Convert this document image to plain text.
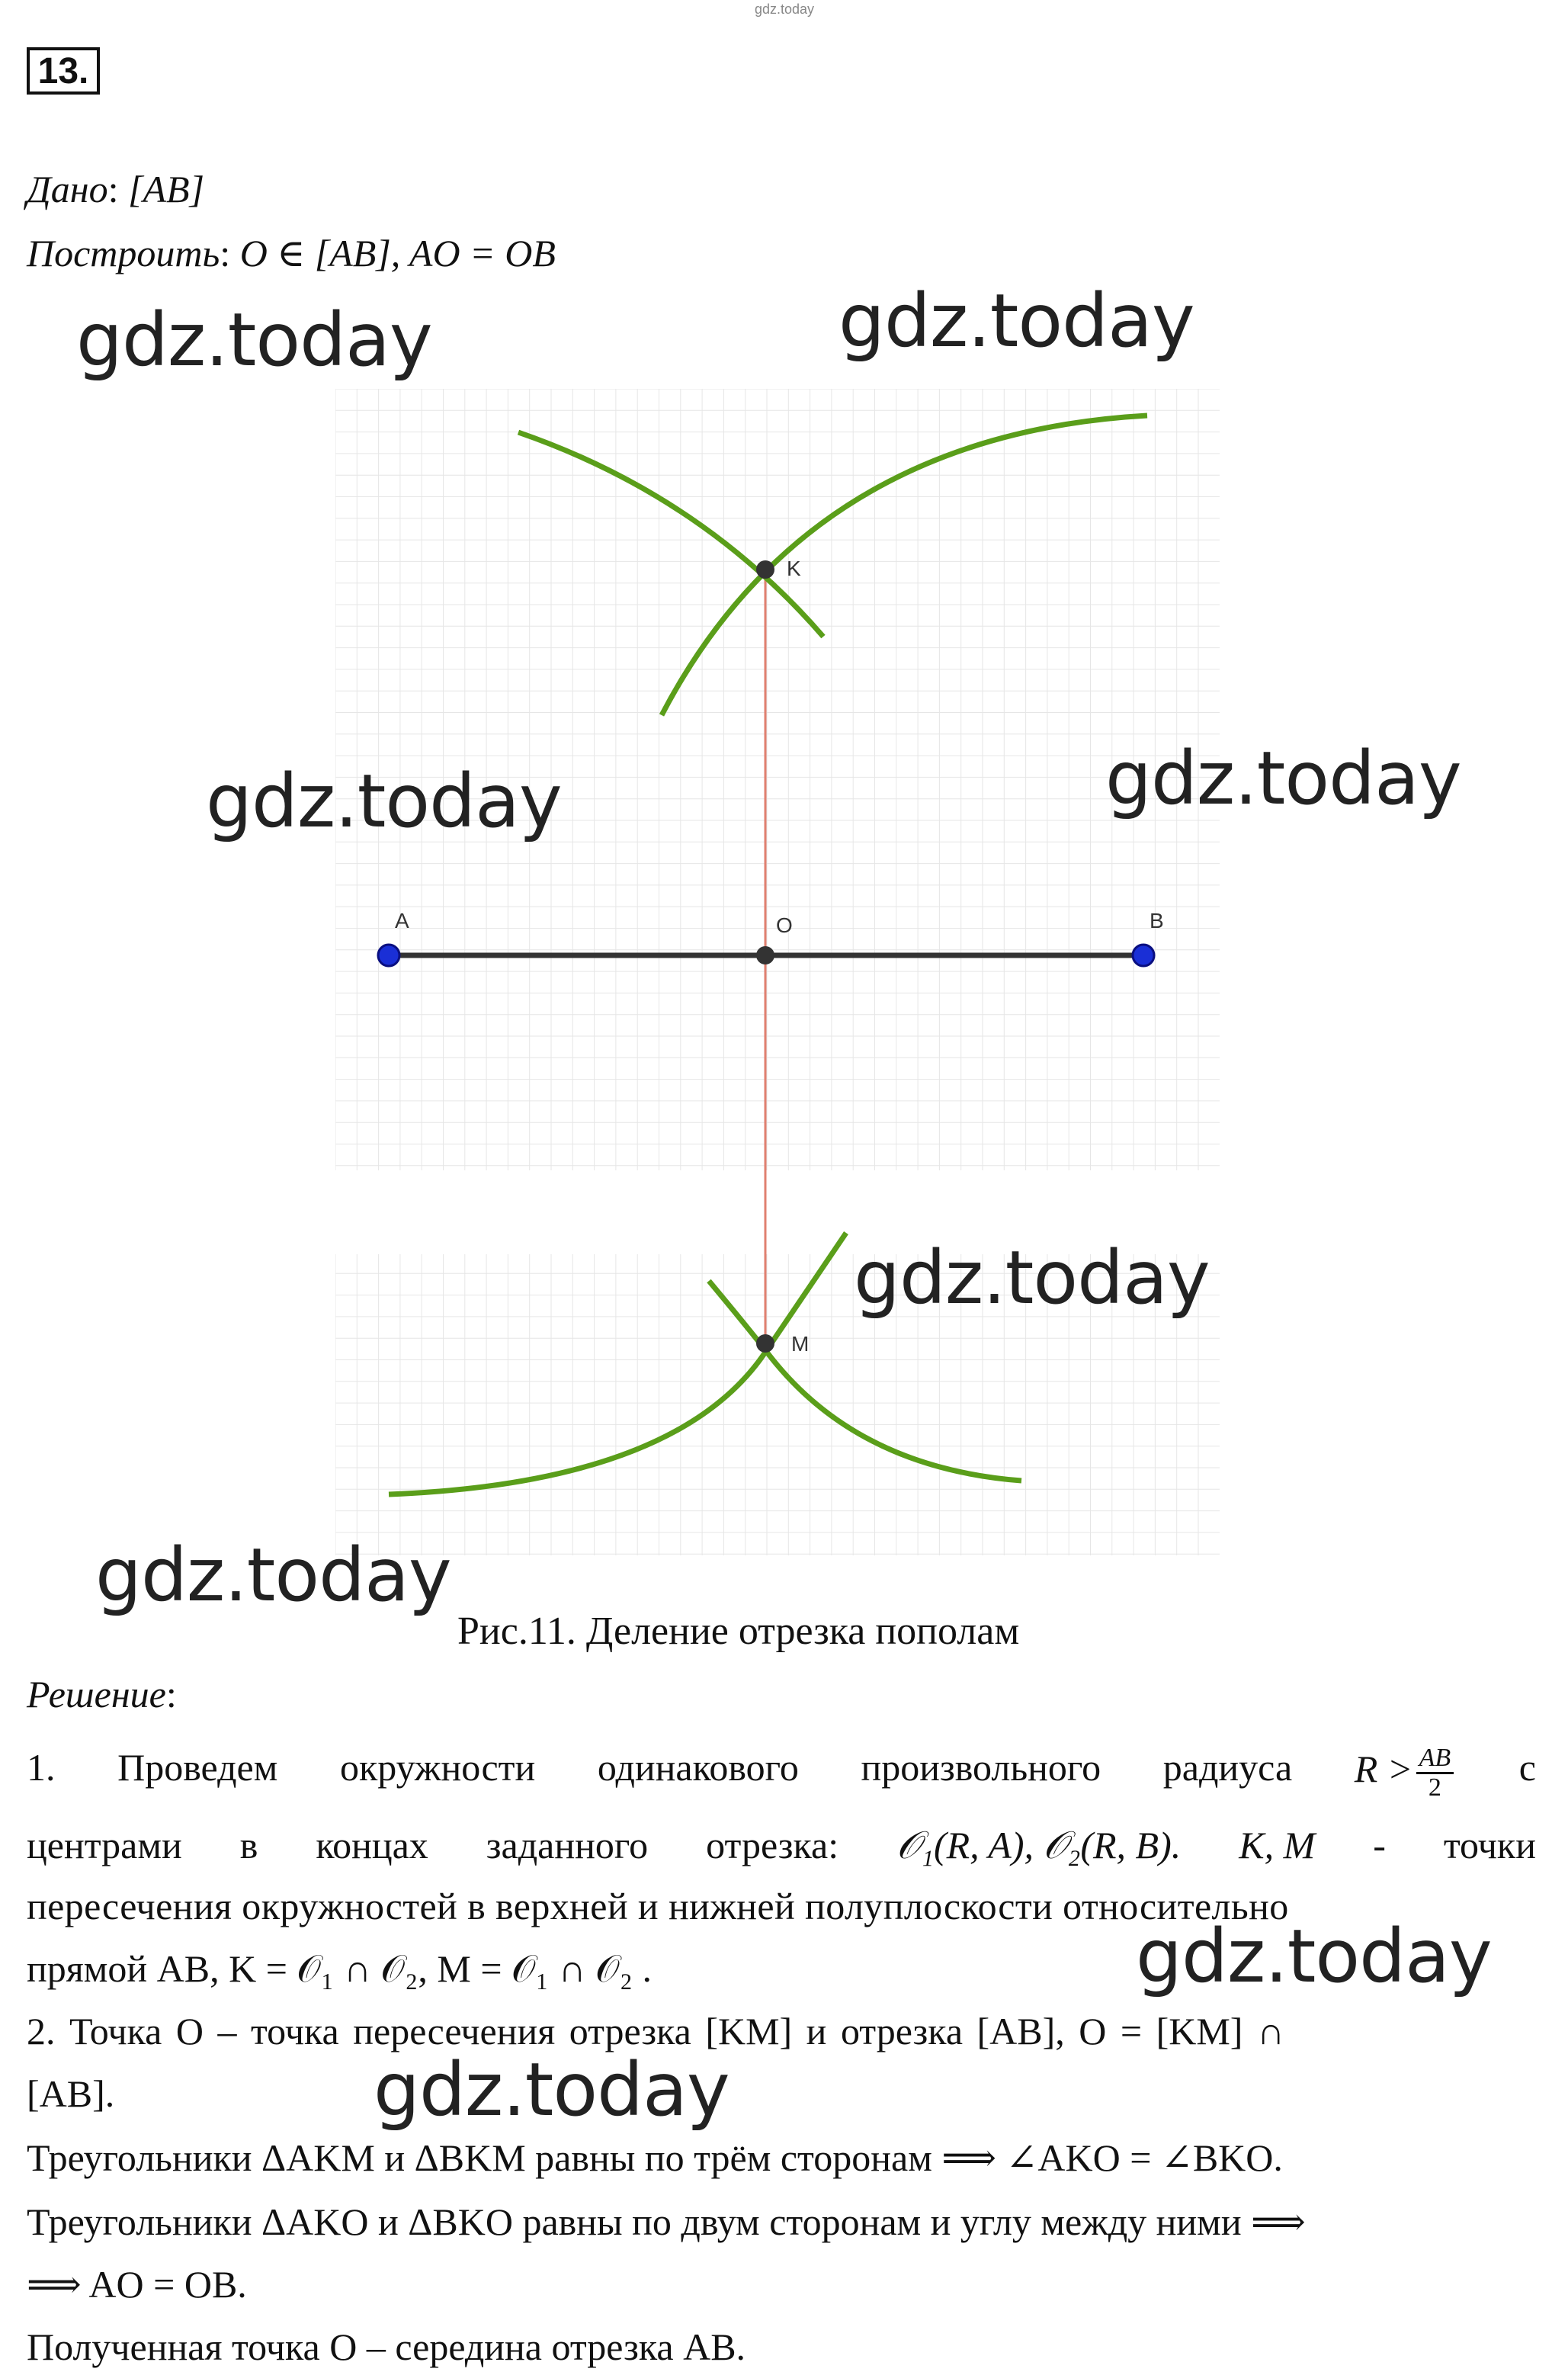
gdz.today
13.
Дано: [AB]
Построить: O ∈ [AB], AO = OB
A	B
O
K
M
Рис.11. Деление отрезка пополам
Решение:
1. Проведем окружности одинакового произвольного радиуса $R > \frac{AB}{2}$ с
центрами в концах заданного отрезка: 𝒪₁(R, A), 𝒪₂(R, B). K, M - точки
пересечения окружностей в верхней и нижней полуплоскости относительно
прямой AB, K = 𝒪₁ ∩ 𝒪₂, M = 𝒪₁ ∩ 𝒪₂ .
2. Точка O – точка пересечения отрезка [KM] и отрезка [AB], O = [KM] ∩
[AB].
Треугольники ΔAKM и ΔBKM равны по трём сторонам ⟹ ∠AKO = ∠BKO.
Треугольники ΔAKO и ΔBKO равны по двум сторонам и углу между ними ⟹
⟹ AO = OB.
Полученная точка O – середина отрезка AB.
gdz.today	gdz.today
gdz.today	gdz.today
gdz.today
gdz.today
gdz.today
gdz.today
